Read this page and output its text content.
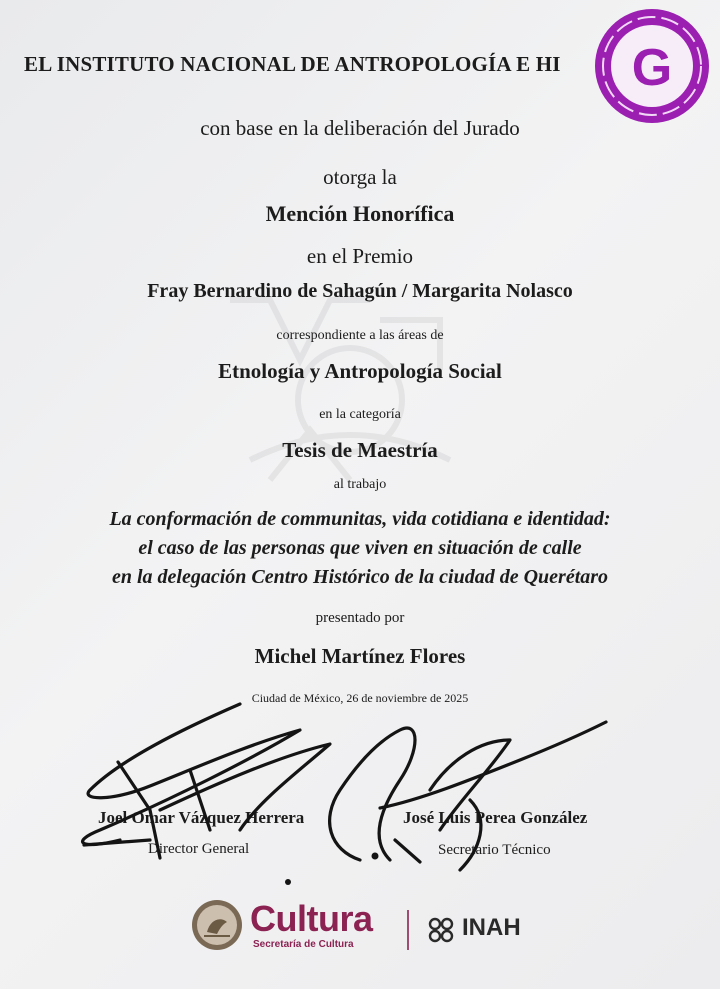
EL INSTITUTO NACIONAL DE ANTROPOLOGÍA E HI
con base en la deliberación del Jurado
otorga la
Mención Honorífica
en el Premio
Fray Bernardino de Sahagún / Margarita Nolasco
correspondiente a las áreas de
Etnología y Antropología Social
en la categoría
Tesis de Maestría
al trabajo
La conformación de communitas, vida cotidiana e identidad:
el caso de las personas que viven en situación de calle
en la delegación Centro Histórico de la ciudad de Querétaro
presentado por
Michel Martínez Flores
Ciudad de México, 26 de noviembre de 2025
Joel Omar Vázquez Herrera
Director General
José Luis Perea González
Secretario Técnico
G
Cultura
Secretaría de Cultura
INAH
